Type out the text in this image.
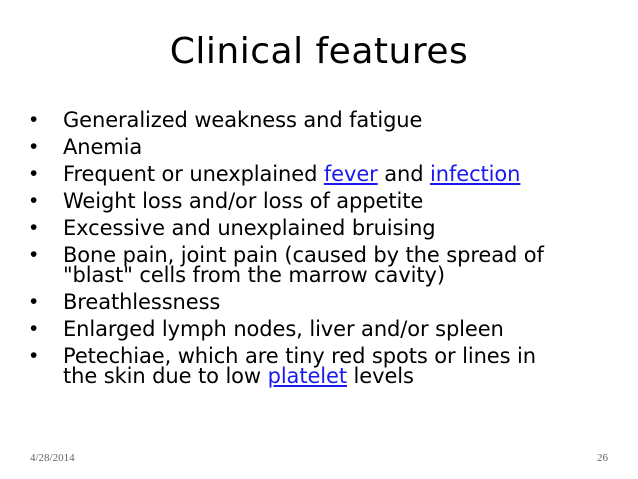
Clinical features
• Generalized weakness and fatigue
• Anemia
• Frequent or unexplained fever and infection
• Weight loss and/or loss of appetite
• Excessive and unexplained bruising
• Bone pain, joint pain (caused by the spread of
"blast" cells from the marrow cavity)
• Breathlessness
• Enlarged lymph nodes, liver and/or spleen
• Petechiae, which are tiny red spots or lines in
the skin due to low platelet levels
4/28/2014	26
